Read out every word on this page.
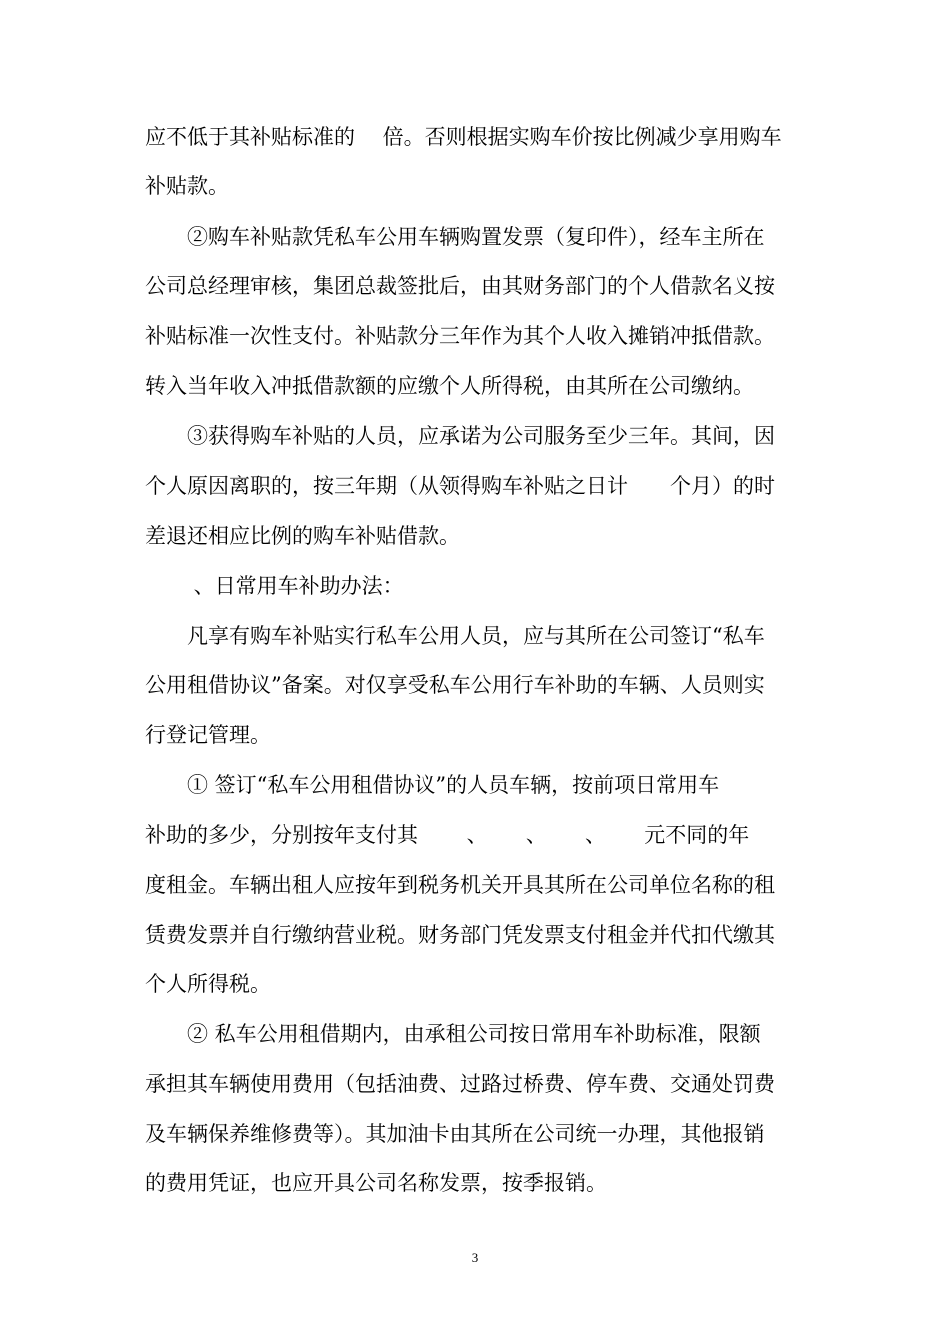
应不低于其补贴标准的　 倍。否则根据实购车价按比例减少享用购车
补贴款。
②购车补贴款凭私车公用车辆购置发票（复印件），经车主所在
公司总经理审核，集团总裁签批后，由其财务部门的个人借款名义按
补贴标准一次性支付。补贴款分三年作为其个人收入摊销冲抵借款。
转入当年收入冲抵借款额的应缴个人所得税，由其所在公司缴纳。
③获得购车补贴的人员，应承诺为公司服务至少三年。其间，因
个人原因离职的，按三年期（从领得购车补贴之日计　　个月）的时
差退还相应比例的购车补贴借款。
、日常用车补助办法：
凡享有购车补贴实行私车公用人员，应与其所在公司签订“私车
公用租借协议”备案。对仅享受私车公用行车补助的车辆、人员则实
行登记管理。
① 签订“私车公用租借协议”的人员车辆，按前项日常用车
补助的多少，分别按年支付其　　 、　　 、　　 、　　 元不同的年
度租金。车辆出租人应按年到税务机关开具其所在公司单位名称的租
赁费发票并自行缴纳营业税。财务部门凭发票支付租金并代扣代缴其
个人所得税。
② 私车公用租借期内，由承租公司按日常用车补助标准，限额
承担其车辆使用费用（包括油费、过路过桥费、停车费、交通处罚费
及车辆保养维修费等）。其加油卡由其所在公司统一办理，其他报销
的费用凭证，也应开具公司名称发票，按季报销。
3
